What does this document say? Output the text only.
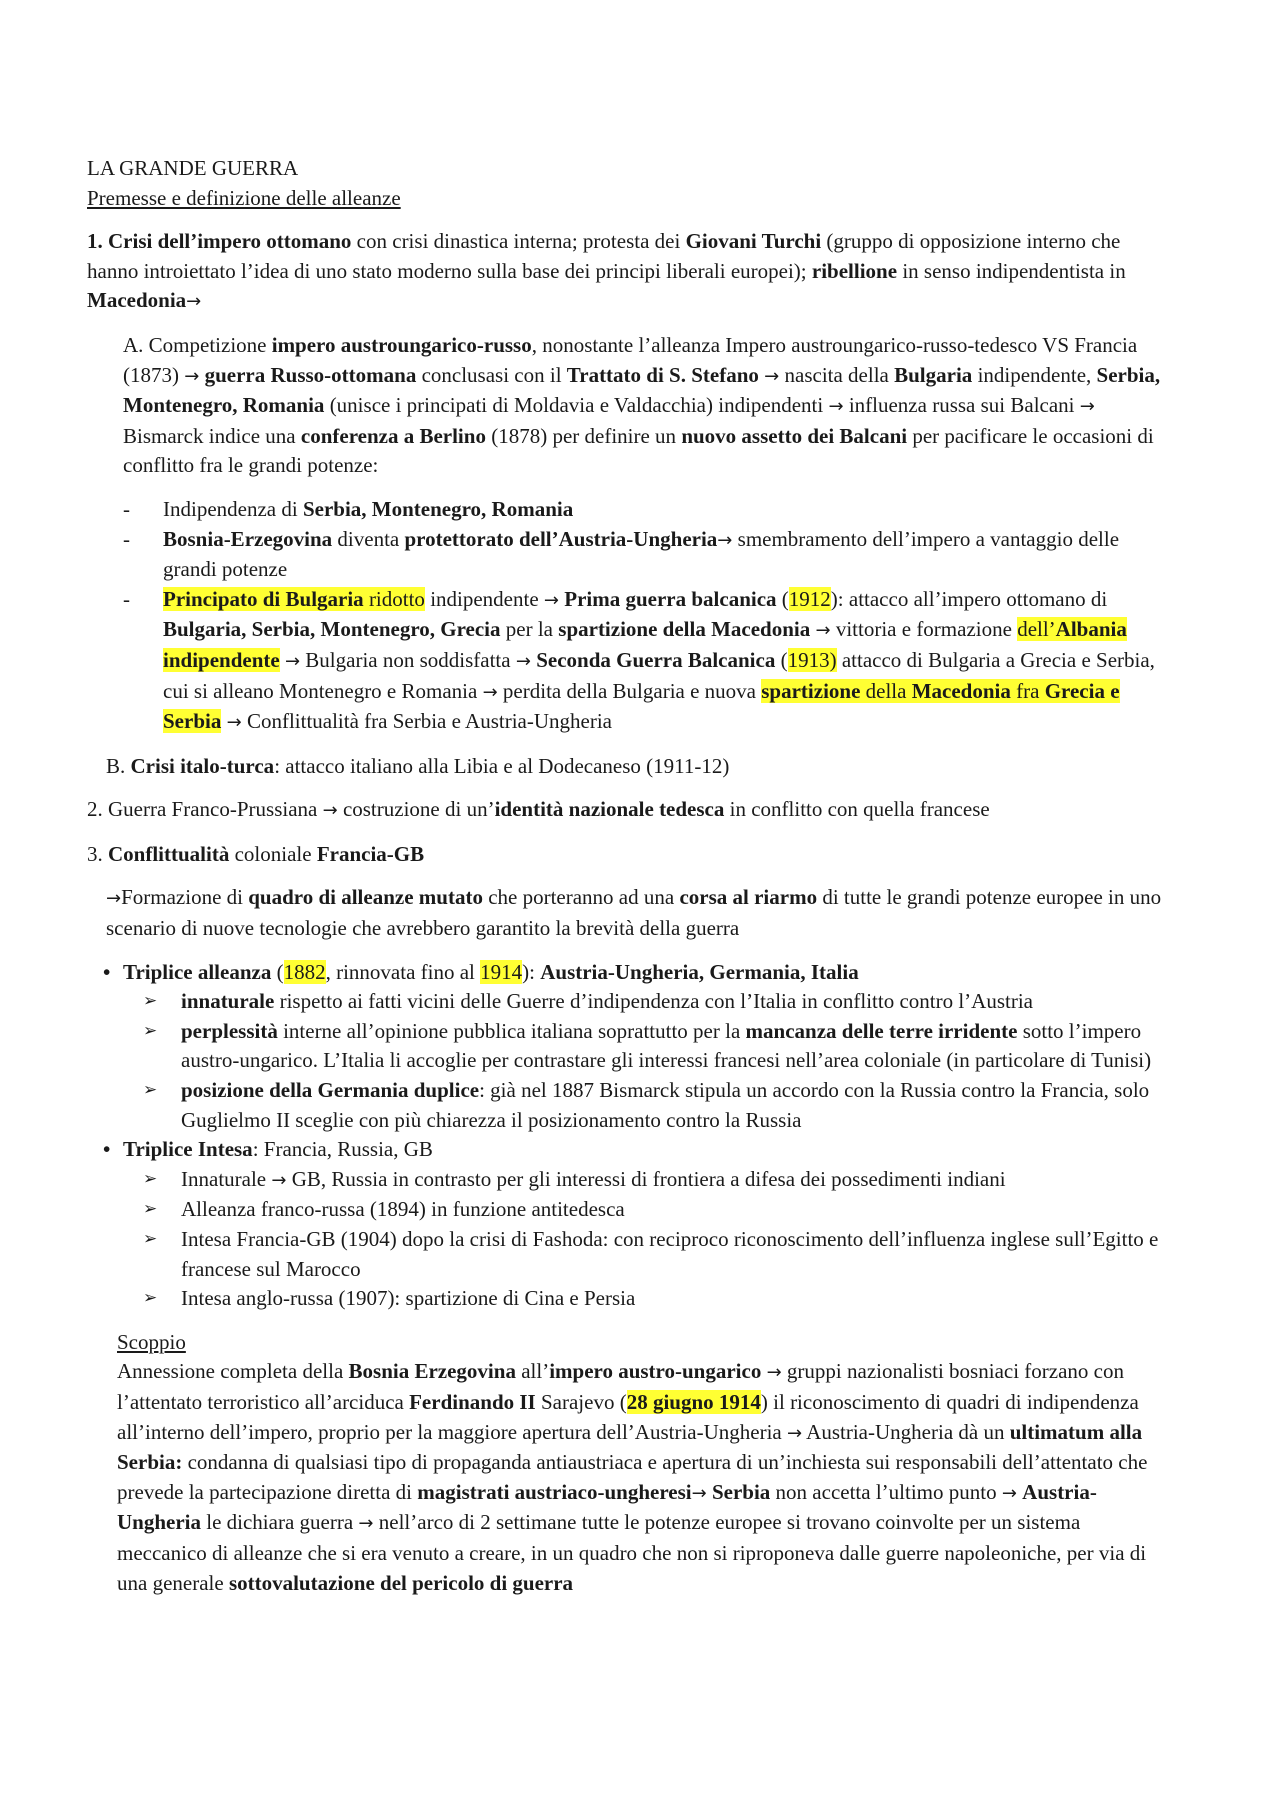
LA GRANDE GUERRA

Premesse e definizione delle alleanze

1. Crisi dell’impero ottomano con crisi dinastica interna; protesta dei Giovani Turchi (gruppo di opposizione interno che hanno introiettato l’idea di uno stato moderno sulla base dei principi liberali europei); ribellione in senso indipendentista in Macedonia→

A. Competizione impero austroungarico-russo, nonostante l’alleanza Impero austroungarico-russo-tedesco VS Francia (1873) → guerra Russo-ottomana conclusasi con il Trattato di S. Stefano → nascita della Bulgaria indipendente, Serbia, Montenegro, Romania (unisce i principati di Moldavia e Valdacchia) indipendenti → influenza russa sui Balcani → Bismarck indice una conferenza a Berlino (1878) per definire un nuovo assetto dei Balcani per pacificare le occasioni di conflitto fra le grandi potenze:

- Indipendenza di Serbia, Montenegro, Romania
- Bosnia-Erzegovina diventa protettorato dell’Austria-Ungheria→ smembramento dell’impero a vantaggio delle grandi potenze
- Principato di Bulgaria ridotto indipendente → Prima guerra balcanica (1912): attacco all’impero ottomano di Bulgaria, Serbia, Montenegro, Grecia per la spartizione della Macedonia → vittoria e formazione dell’Albania indipendente → Bulgaria non soddisfatta → Seconda Guerra Balcanica (1913) attacco di Bulgaria a Grecia e Serbia, cui si alleano Montenegro e Romania → perdita della Bulgaria e nuova spartizione della Macedonia fra Grecia e Serbia → Conflittualità fra Serbia e Austria-Ungheria

B. Crisi italo-turca: attacco italiano alla Libia e al Dodecaneso (1911-12)

2. Guerra Franco-Prussiana → costruzione di un’identità nazionale tedesca in conflitto con quella francese

3. Conflittualità coloniale Francia-GB

→Formazione di quadro di alleanze mutato che porteranno ad una corsa al riarmo di tutte le grandi potenze europee in uno scenario di nuove tecnologie che avrebbero garantito la brevità della guerra

• Triplice alleanza (1882, rinnovata fino al 1914): Austria-Ungheria, Germania, Italia
➢ innaturale rispetto ai fatti vicini delle Guerre d’indipendenza con l’Italia in conflitto contro l’Austria
➢ perplessità interne all’opinione pubblica italiana soprattutto per la mancanza delle terre irridente sotto l’impero austro-ungarico. L’Italia li accoglie per contrastare gli interessi francesi nell’area coloniale (in particolare di Tunisi)
➢ posizione della Germania duplice: già nel 1887 Bismarck stipula un accordo con la Russia contro la Francia, solo Guglielmo II sceglie con più chiarezza il posizionamento contro la Russia
• Triplice Intesa: Francia, Russia, GB
➢ Innaturale → GB, Russia in contrasto per gli interessi di frontiera a difesa dei possedimenti indiani
➢ Alleanza franco-russa (1894) in funzione antitedesca
➢ Intesa Francia-GB (1904) dopo la crisi di Fashoda: con reciproco riconoscimento dell’influenza inglese sull’Egitto e francese sul Marocco
➢ Intesa anglo-russa (1907): spartizione di Cina e Persia

Scoppio

Annessione completa della Bosnia Erzegovina all’impero austro-ungarico → gruppi nazionalisti bosniaci forzano con l’attentato terroristico all’arciduca Ferdinando II Sarajevo (28 giugno 1914) il riconoscimento di quadri di indipendenza all’interno dell’impero, proprio per la maggiore apertura dell’Austria-Ungheria → Austria-Ungheria dà un ultimatum alla Serbia: condanna di qualsiasi tipo di propaganda antiaustriaca e apertura di un’inchiesta sui responsabili dell’attentato che prevede la partecipazione diretta di magistrati austriaco-ungheresi→ Serbia non accetta l’ultimo punto → Austria-Ungheria le dichiara guerra → nell’arco di 2 settimane tutte le potenze europee si trovano coinvolte per un sistema meccanico di alleanze che si era venuto a creare, in un quadro che non si riproponeva dalle guerre napoleoniche, per via di una generale sottovalutazione del pericolo di guerra
